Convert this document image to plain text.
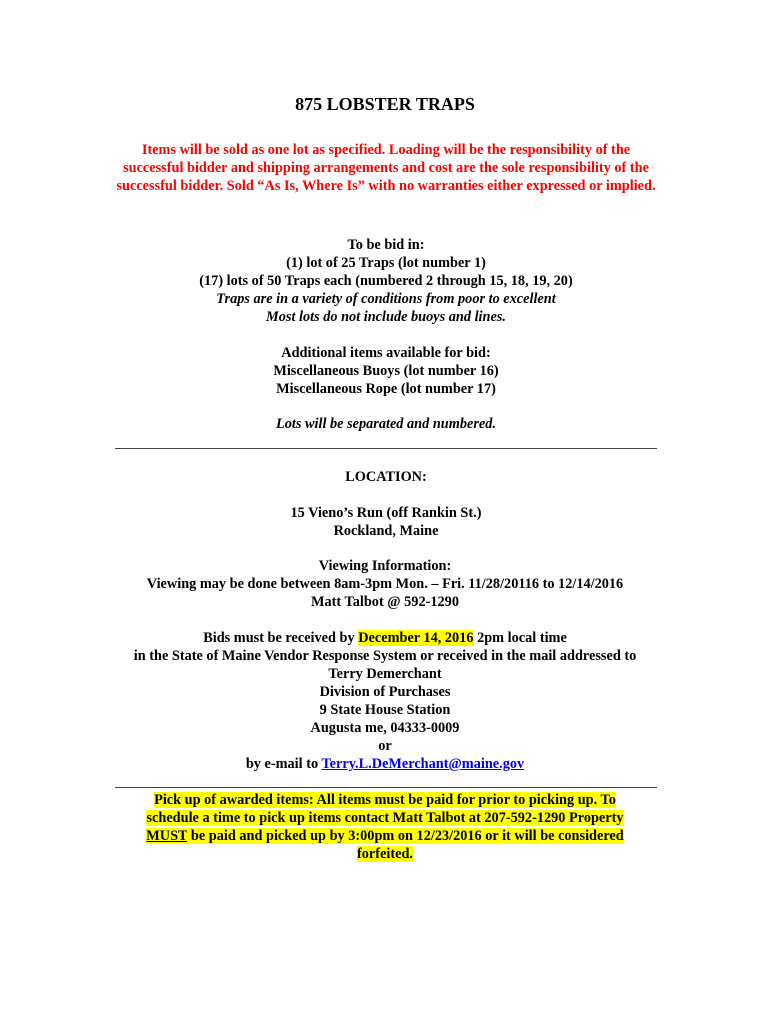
875 LOBSTER TRAPS
Items will be sold as one lot as specified. Loading will be the responsibility of the successful bidder and shipping arrangements and cost are the sole responsibility of the successful bidder. Sold “As Is, Where Is” with no warranties either expressed or implied.
To be bid in:
(1) lot of 25 Traps (lot number 1)
(17) lots of 50 Traps each (numbered 2 through 15, 18, 19, 20)
Traps are in a variety of conditions from poor to excellent
Most lots do not include buoys and lines.
Additional items available for bid:
Miscellaneous Buoys (lot number 16)
Miscellaneous Rope (lot number 17)
Lots will be separated and numbered.
LOCATION:
15 Vieno’s Run (off Rankin St.)
Rockland, Maine
Viewing Information:
Viewing may be done between 8am-3pm Mon. – Fri. 11/28/20116 to 12/14/2016
Matt Talbot @ 592-1290
Bids must be received by December 14, 2016 2pm local time
in the State of Maine Vendor Response System or received in the mail addressed to
Terry Demerchant
Division of Purchases
9 State House Station
Augusta me, 04333-0009
or
by e-mail to Terry.L.DeMerchant@maine.gov
Pick up of awarded items: All items must be paid for prior to picking up. To schedule a time to pick up items contact Matt Talbot at 207-592-1290 Property MUST be paid and picked up by 3:00pm on 12/23/2016 or it will be considered forfeited.
